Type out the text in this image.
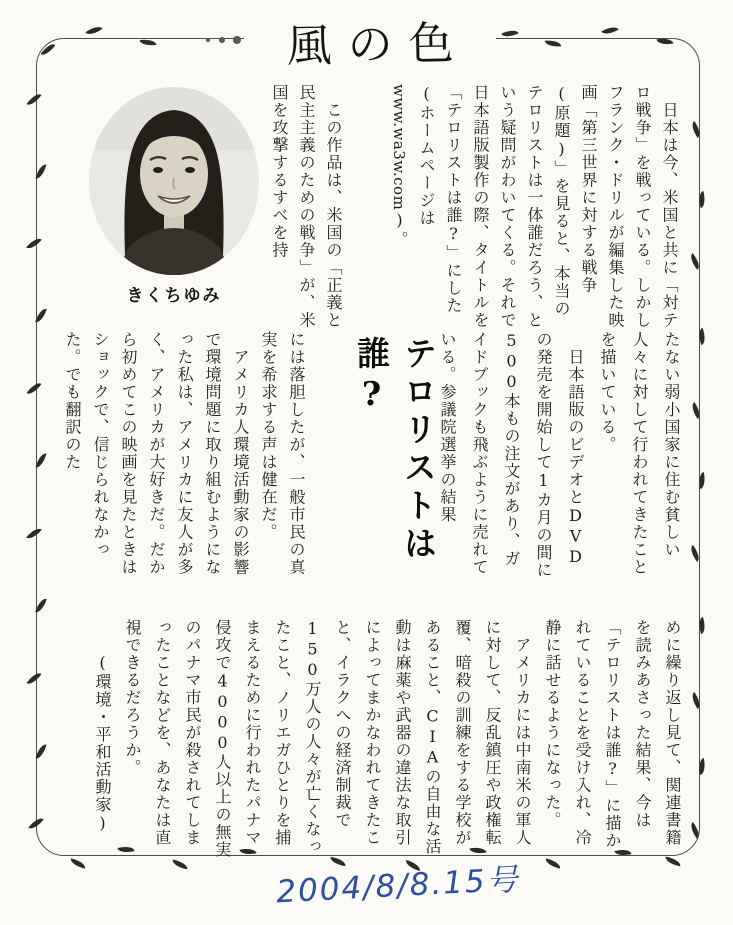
風の色
きくちゆみ	　日本は今、米国と共に「対テロ戦争」を戦っている。しかしフランク・ドリルが編集した映画「第三世界に対する戦争(原題)」を見ると、本当のテロリストは一体誰だろう、という疑問がわいてくる。それで日本語版製作の際、タイトルを「テロリストは誰?」にした(ホームページはwww.wa3w.com)。

　この作品は、米国の「正義と民主主義のための戦争」が、米国を攻撃するすべを持

テロリストは誰?	たない弱小国家に住む貧しい人々に対して行われてきたことを描いている。

　日本語版のビデオとDVDの発売を開始して1カ月の間に500本もの注文があり、ガイドブックも飛ぶように売れている。参議院選挙の結果

には落胆したが、一般市民の真実を希求する声は健在だ。

　アメリカ人環境活動家の影響で環境問題に取り組むようになった私は、アメリカに友人が多く、アメリカが大好きだ。だから初めてこの映画を見たときはショックで、信じられなかった。でも翻訳のた

めに繰り返し見て、関連書籍を読みあさった結果、今は「テロリストは誰?」に描かれていることを受け入れ、冷静に話せるようになった。

　アメリカには中南米の軍人に対して、反乱鎮圧や政権転覆、暗殺の訓練をする学校があること、CIAの自由な活動は麻薬や武器の違法な取引によってまかなわれてきたこと、イラクへの経済制裁で150万人の人々が亡くなったこと、ノリエガひとりを捕まえるために行われたパナマ侵攻で4000人以上の無実のパナマ市民が殺されてしまったことなどを、あなたは直視できるだろうか。
(環境・平和活動家)

2004/8/8.15号
